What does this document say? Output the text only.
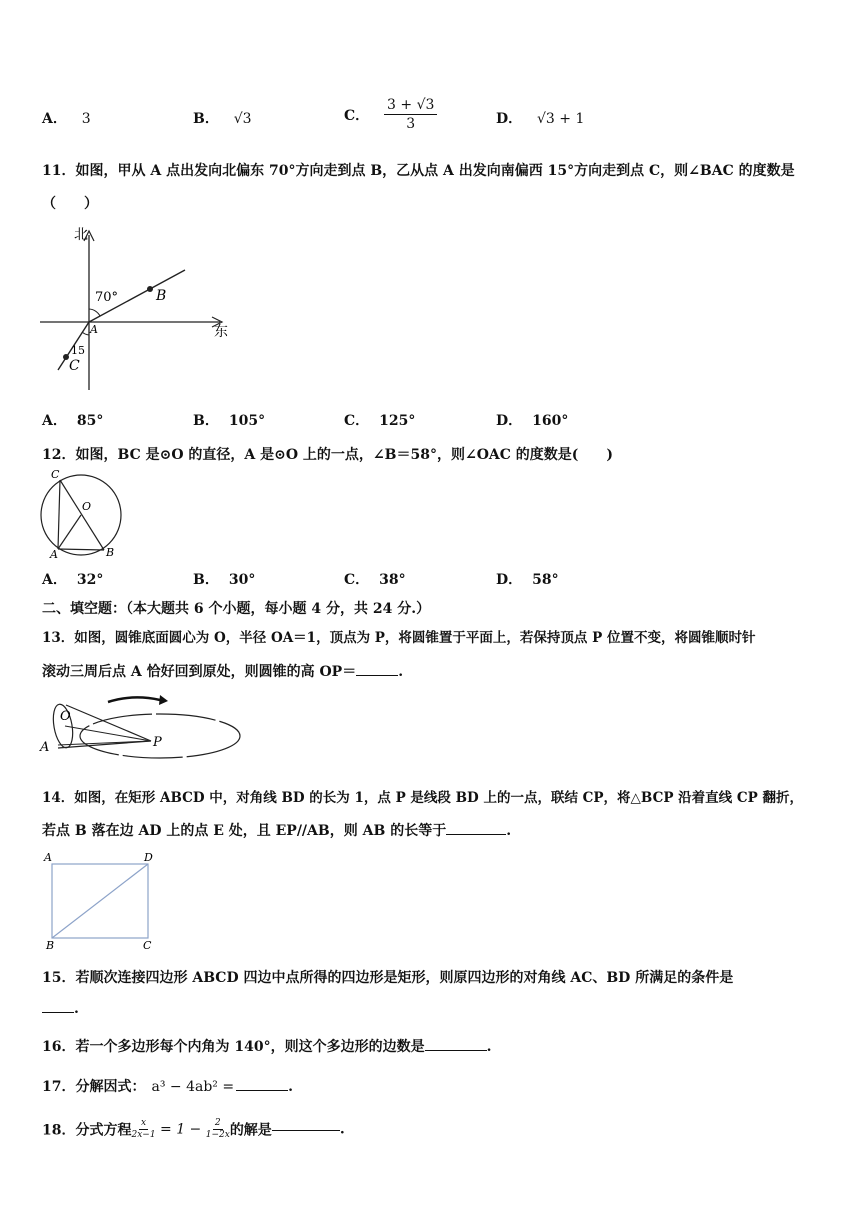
A． 3	B． √3	C． $\frac{3 + √3}{3}$	D． √3 + 1
11．如图，甲从 A 点出发向北偏东 70°方向走到点 B，乙从点 A 出发向南偏西 15°方向走到点 C，则∠BAC 的度数是
（　　）
北
东
70°
15
A
B
C
A． 85°	B． 105°	C． 125°	D． 160°
12．如图，BC 是⊙O 的直径，A 是⊙O 上的一点，∠B＝58°，则∠OAC 的度数是(　　)
C
O
A	B
A． 32°	B． 30°	C． 38°	D． 58°
二、填空题：（本大题共 6 个小题，每小题 4 分，共 24 分.）
13．如图，圆锥底面圆心为 O，半径 OA＝1，顶点为 P，将圆锥置于平面上，若保持顶点 P 位置不变，将圆锥顺时针
滚动三周后点 A 恰好回到原处，则圆锥的高 OP＝	.
O
A	P
14．如图，在矩形 ABCD 中，对角线 BD 的长为 1，点 P 是线段 BD 上的一点，联结 CP，将△BCP 沿着直线 CP 翻折，
若点 B 落在边 AD 上的点 E 处，且 EP//AB，则 AB 的长等于	.
A	D
B	C
15．若顺次连接四边形 ABCD 四边中点所得的四边形是矩形，则原四边形的对角线 AC、BD 所满足的条件是
.
16．若一个多边形每个内角为 140°，则这个多边形的边数是	.
17．分解因式： a³ − 4ab² =	.
18．分式方程 $\frac{x}{2x-1} = 1 - \frac{2}{1-2x}$ 的解是	.
